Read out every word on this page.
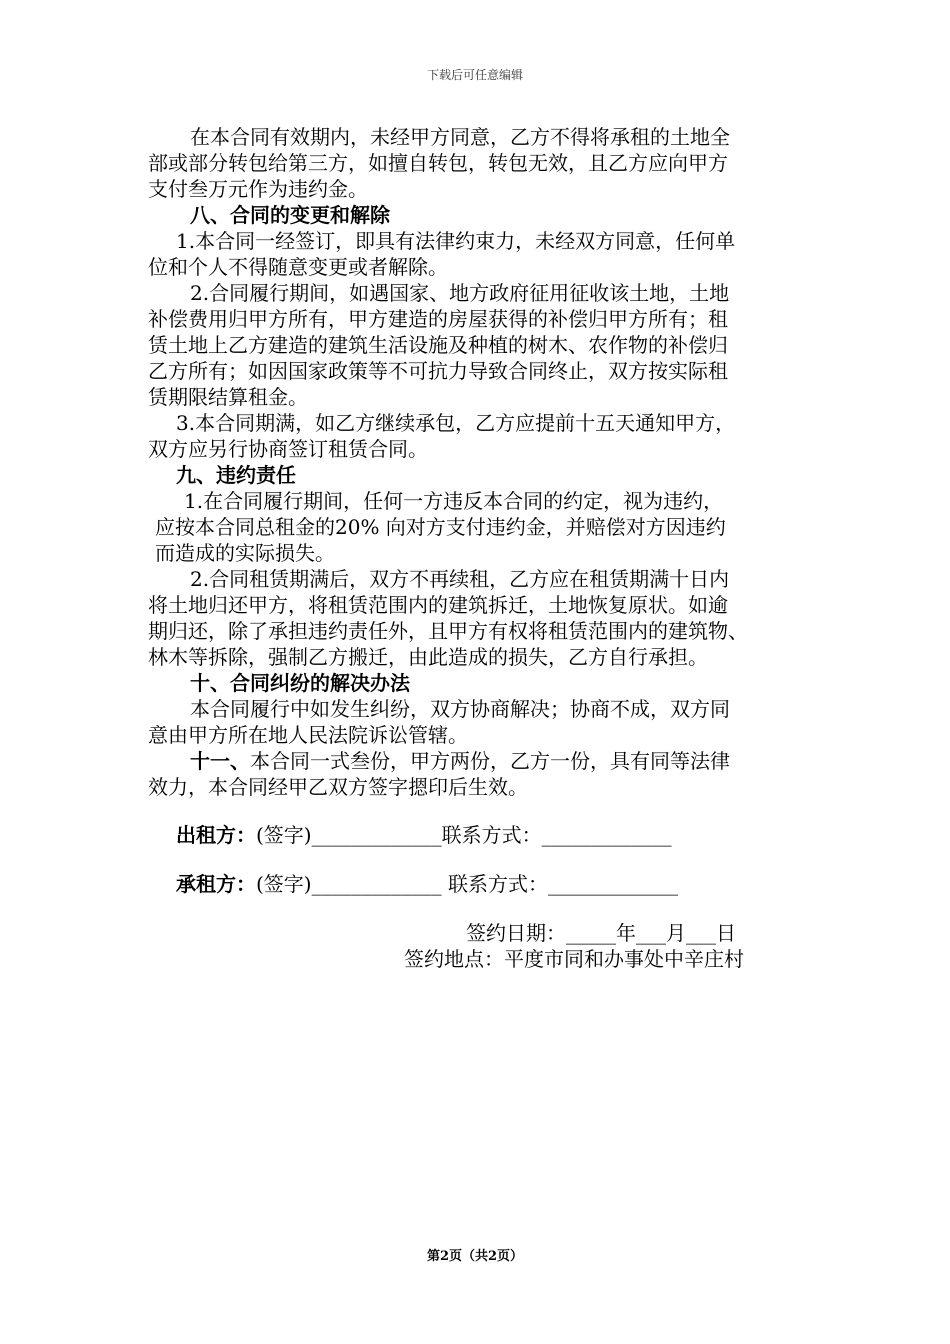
下载后可任意编辑
在本合同有效期内，未经甲方同意，乙方不得将承租的土地全
部或部分转包给第三方，如擅自转包，转包无效，且乙方应向甲方
支付叁万元作为违约金。
八、合同的变更和解除
1.本合同一经签订，即具有法律约束力，未经双方同意，任何单
位和个人不得随意变更或者解除。
2.合同履行期间，如遇国家、地方政府征用征收该土地，土地
补偿费用归甲方所有，甲方建造的房屋获得的补偿归甲方所有；租
赁土地上乙方建造的建筑生活设施及种植的树木、农作物的补偿归
乙方所有；如因国家政策等不可抗力导致合同终止，双方按实际租
赁期限结算租金。
3.本合同期满，如乙方继续承包，乙方应提前十五天通知甲方，
双方应另行协商签订租赁合同。
九、违约责任
1.在合同履行期间，任何一方违反本合同的约定，视为违约，
应按本合同总租金的20% 向对方支付违约金，并赔偿对方因违约
而造成的实际损失。
2.合同租赁期满后，双方不再续租，乙方应在租赁期满十日内
将土地归还甲方，将租赁范围内的建筑拆迁，土地恢复原状。如逾
期归还，除了承担违约责任外，且甲方有权将租赁范围内的建筑物、
林木等拆除，强制乙方搬迁，由此造成的损失，乙方自行承担。
十、合同纠纷的解决办法
本合同履行中如发生纠纷，双方协商解决；协商不成，双方同
意由甲方所在地人民法院诉讼管辖。
十一、本合同一式叁份，甲方两份，乙方一份，具有同等法律
效力，本合同经甲乙双方签字摁印后生效。
出租方：(签字)_____________联系方式：_____________
承租方：(签字)_____________ 联系方式：_____________
签约日期：_____年___月___日
签约地点：平度市同和办事处中辛庄村
第2页（共2页）
